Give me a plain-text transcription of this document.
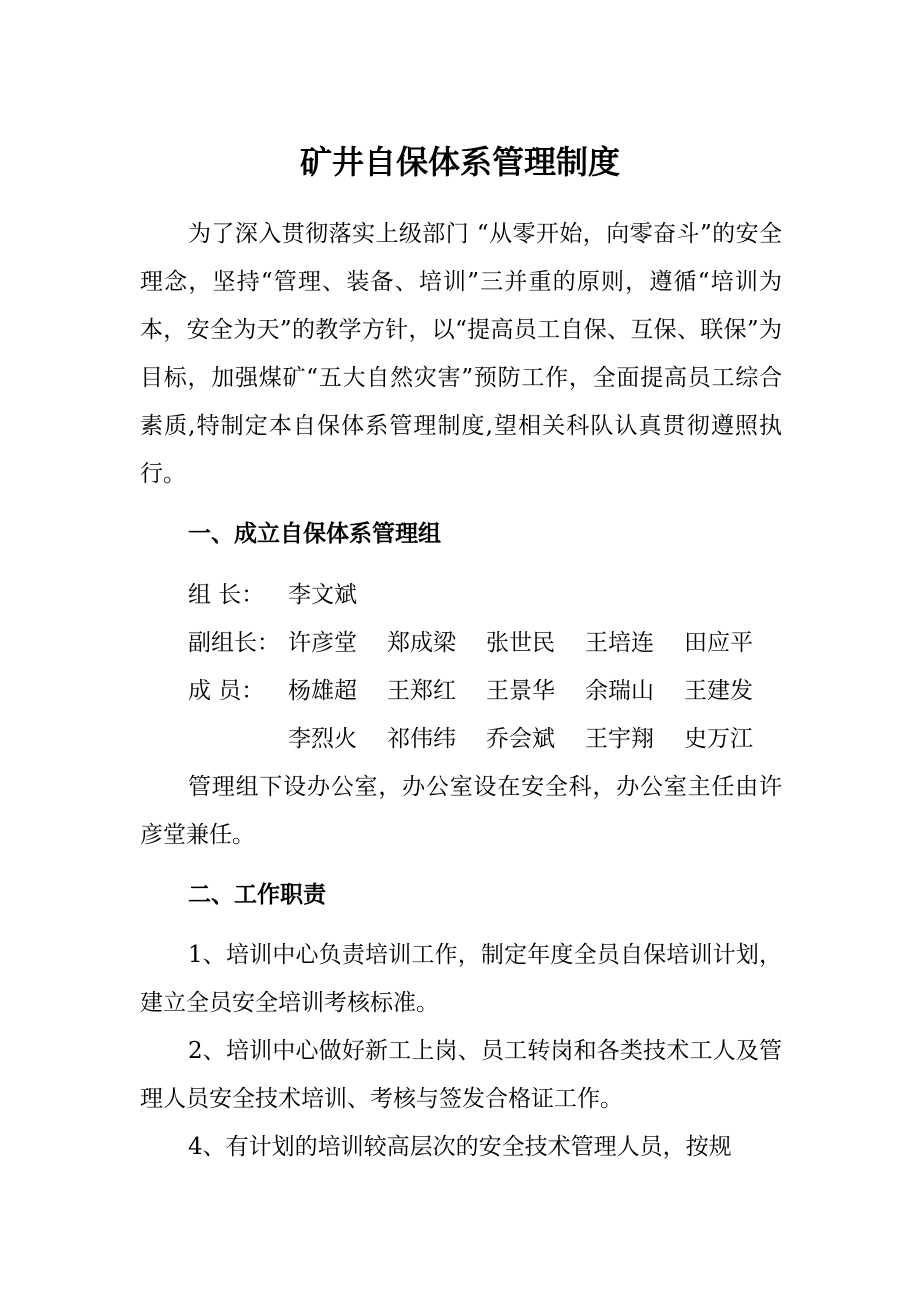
矿井自保体系管理制度

为了深入贯彻落实上级部门 “从零开始，向零奋斗”的安全理念，坚持“管理、装备、培训”三并重的原则，遵循“培训为本，安全为天”的教学方针，以“提高员工自保、互保、联保”为目标，加强煤矿“五大自然灾害”预防工作，全面提高员工综合素质,特制定本自保体系管理制度,望相关科队认真贯彻遵照执行。

一、成立自保体系管理组
组 长： 李文斌
副组长： 许彦堂 郑成梁 张世民 王培连 田应平
成 员： 杨雄超 王郑红 王景华 余瑞山 王建发
李烈火 祁伟纬 乔会斌 王宇翔 史万江

管理组下设办公室，办公室设在安全科，办公室主任由许彦堂兼任。

二、工作职责

1、培训中心负责培训工作，制定年度全员自保培训计划，建立全员安全培训考核标准。

2、培训中心做好新工上岗、员工转岗和各类技术工人及管理人员安全技术培训、考核与签发合格证工作。

4、有计划的培训较高层次的安全技术管理人员，按规
